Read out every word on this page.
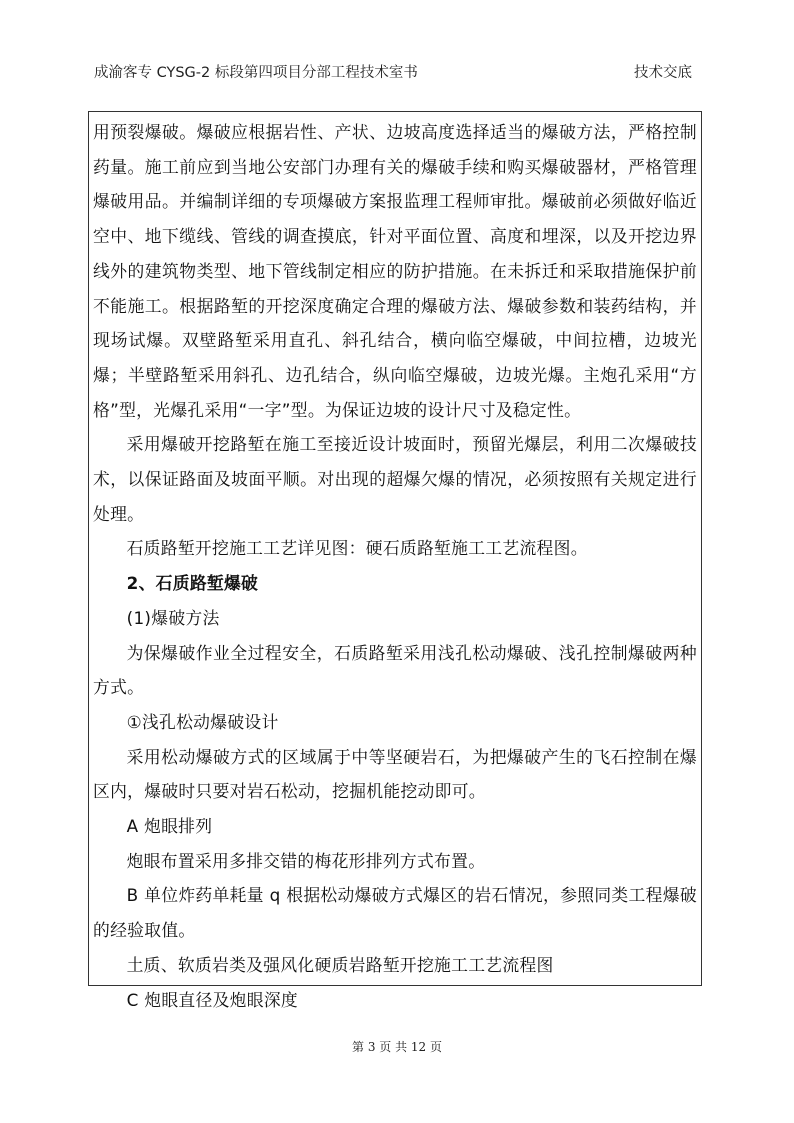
成渝客专 CYSG-2 标段第四项目分部工程技术室书	技术交底

用预裂爆破。爆破应根据岩性、产状、边坡高度选择适当的爆破方法，严格控制药量。施工前应到当地公安部门办理有关的爆破手续和购买爆破器材，严格管理爆破用品。并编制详细的专项爆破方案报监理工程师审批。爆破前必须做好临近空中、地下缆线、管线的调查摸底，针对平面位置、高度和埋深，以及开挖边界线外的建筑物类型、地下管线制定相应的防护措施。在未拆迁和采取措施保护前不能施工。根据路堑的开挖深度确定合理的爆破方法、爆破参数和装药结构，并现场试爆。双壁路堑采用直孔、斜孔结合，横向临空爆破，中间拉槽，边坡光爆；半壁路堑采用斜孔、边孔结合，纵向临空爆破，边坡光爆。主炮孔采用“方格”型，光爆孔采用“一字”型。为保证边坡的设计尺寸及稳定性。

采用爆破开挖路堑在施工至接近设计坡面时，预留光爆层，利用二次爆破技术，以保证路面及坡面平顺。对出现的超爆欠爆的情况，必须按照有关规定进行处理。

石质路堑开挖施工工艺详见图：硬石质路堑施工工艺流程图。

2、石质路堑爆破

(1)爆破方法

为保爆破作业全过程安全，石质路堑采用浅孔松动爆破、浅孔控制爆破两种方式。

①浅孔松动爆破设计

采用松动爆破方式的区域属于中等坚硬岩石，为把爆破产生的飞石控制在爆区内，爆破时只要对岩石松动，挖掘机能挖动即可。

A 炮眼排列

炮眼布置采用多排交错的梅花形排列方式布置。

B 单位炸药单耗量 q 根据松动爆破方式爆区的岩石情况，参照同类工程爆破的经验取值。

土质、软质岩类及强风化硬质岩路堑开挖施工工艺流程图

C 炮眼直径及炮眼深度

第 3 页 共 12 页
